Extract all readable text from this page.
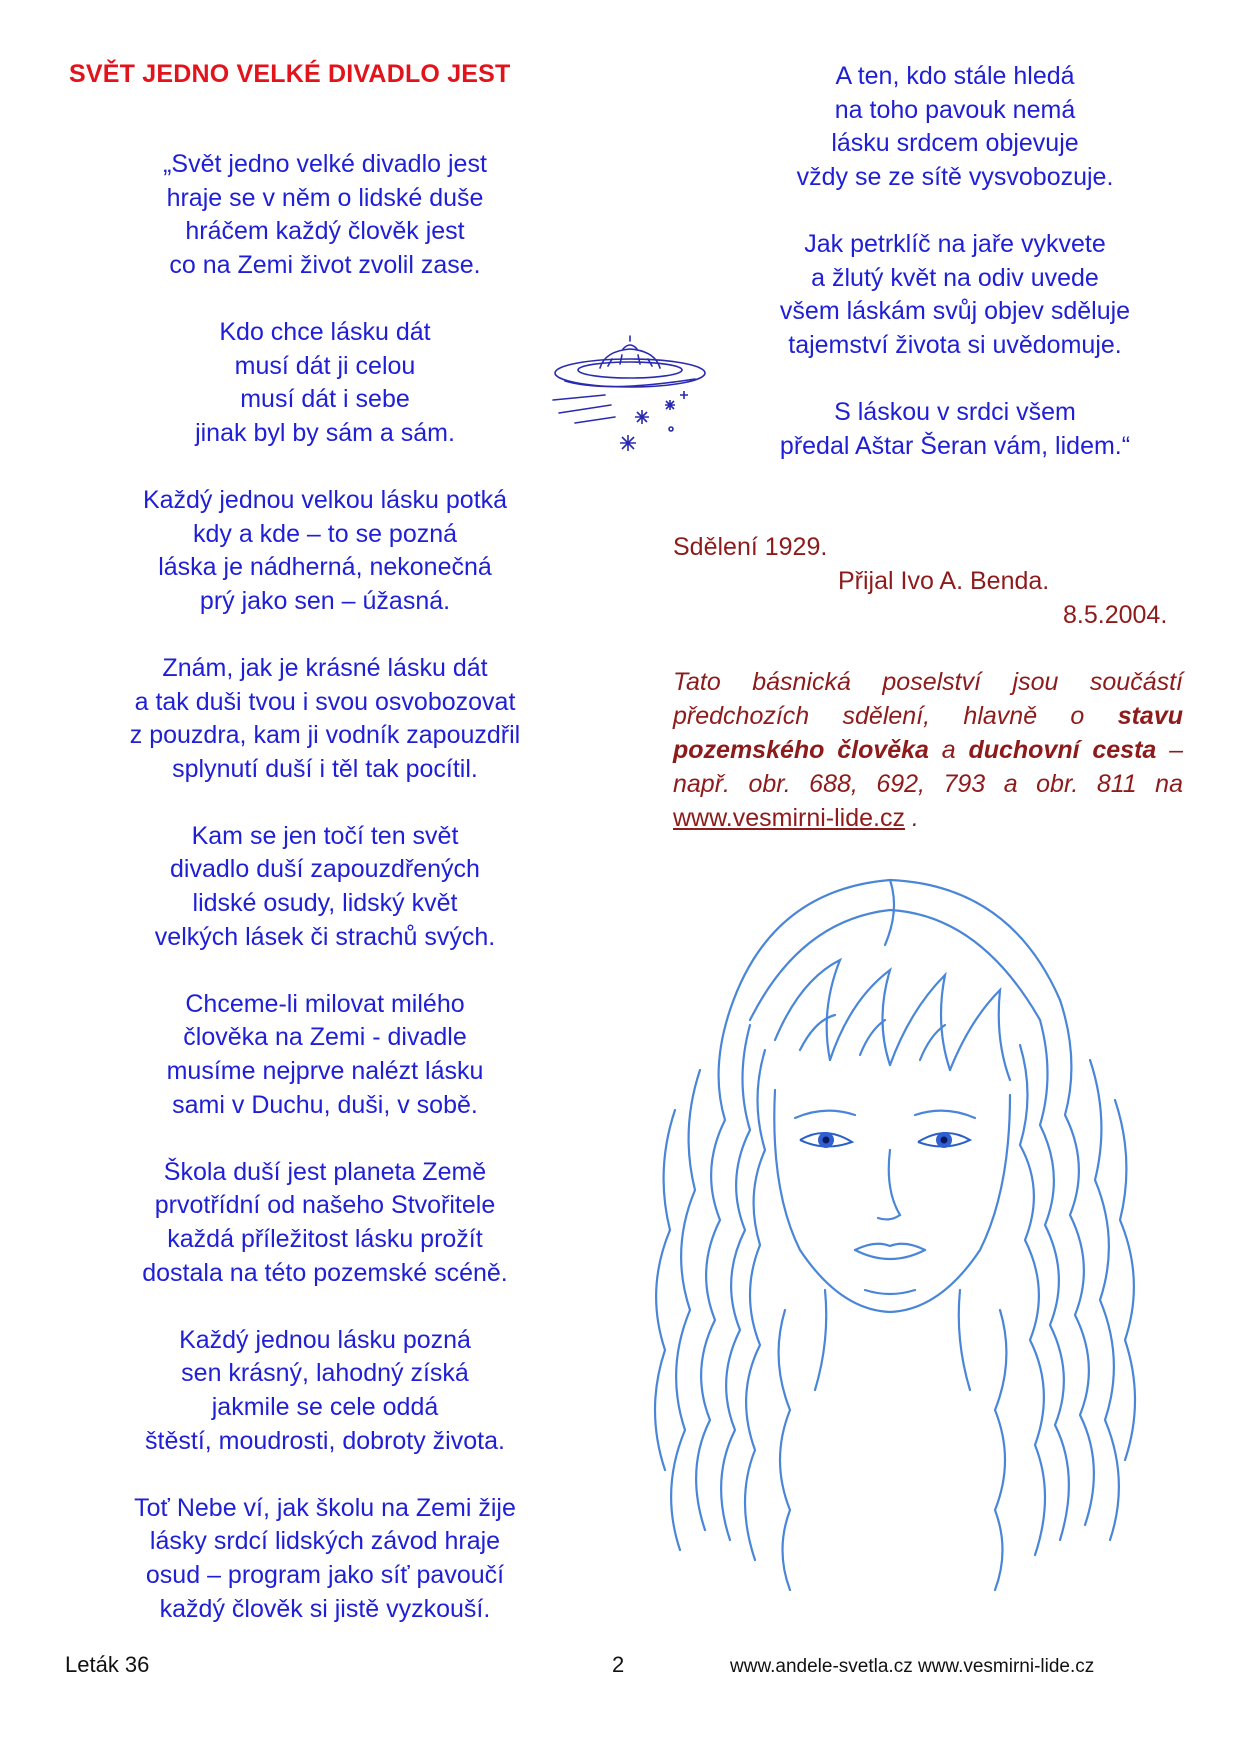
SVĚT JEDNO VELKÉ DIVADLO JEST
„Svět jedno velké divadlo jest
hraje se v něm o lidské duše
hráčem každý člověk jest
co na Zemi život zvolil zase.
Kdo chce lásku dát
musí dát ji celou
musí dát i sebe
jinak byl by sám a sám.
Každý jednou velkou lásku potká
kdy a kde – to se pozná
láska je nádherná, nekonečná
prý jako sen – úžasná.
Znám, jak je krásné lásku dát
a tak duši tvou i svou osvobozovat
z pouzdra, kam ji vodník zapouzdřil
splynutí duší i těl tak pocítil.
Kam se jen točí ten svět
divadlo duší zapouzdřených
lidské osudy, lidský květ
velkých lásek či strachů svých.
Chceme-li milovat milého
člověka na Zemi - divadle
musíme nejprve nalézt lásku
sami v Duchu, duši, v sobě.
Škola duší jest planeta Země
prvotřídní od našeho Stvořitele
každá příležitost lásku prožít
dostala na této pozemské scéně.
Každý jednou lásku pozná
sen krásný, lahodný získá
jakmile se cele oddá
štěstí, moudrosti, dobroty života.
Toť Nebe ví, jak školu na Zemi žije
lásky srdcí lidských závod hraje
osud – program jako síť pavoučí
každý člověk si jistě vyzkouší.
A ten, kdo stále hledá
na toho pavouk nemá
lásku srdcem objevuje
vždy se ze sítě vysvobozuje.
Jak petrklíč na jaře vykvete
a žlutý květ na odiv uvede
všem láskám svůj objev sděluje
tajemství života si uvědomuje.
S láskou v srdci všem
předal Aštar Šeran vám, lidem.“
Sdělení 1929.
Přijal Ivo A. Benda.
8.5.2004.
Tato básnická poselství jsou součástí předchozích sdělení, hlavně o stavu pozemského člověka a duchovní cesta – např. obr. 688, 692, 793 a obr. 811 na www.vesmirni-lide.cz .
Leták 36	2	www.andele-svetla.cz www.vesmirni-lide.cz
